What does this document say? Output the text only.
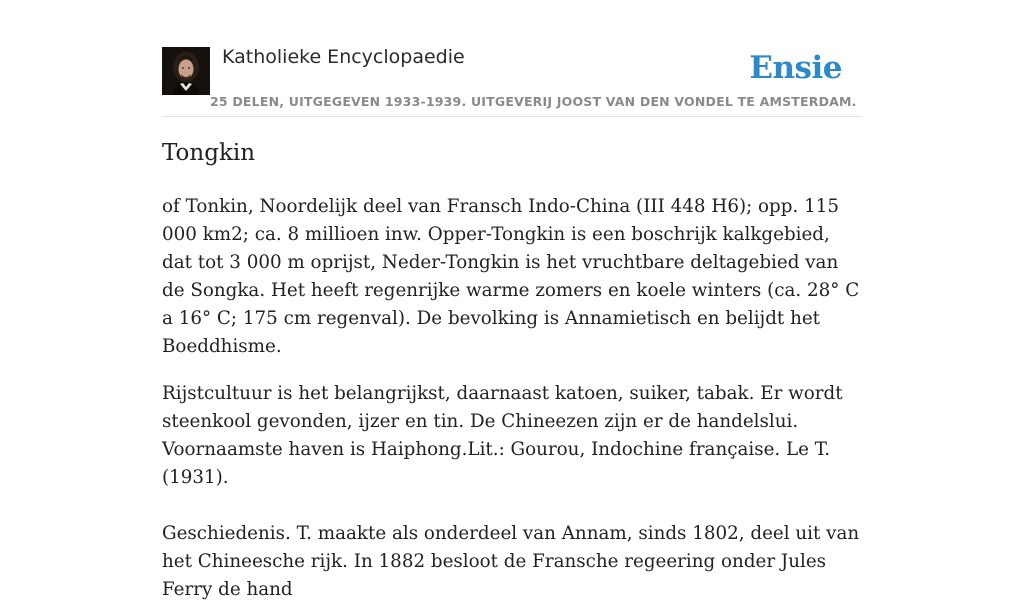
Katholieke Encyclopaedie	Ensie
25 DELEN, UITGEGEVEN 1933-1939. UITGEVERIJ JOOST VAN DEN VONDEL TE AMSTERDAM.
Tongkin

of Tonkin, Noordelijk deel van Fransch Indo-China (III 448 H6); opp. 115 000 km2; ca. 8 millioen inw. Opper-Tongkin is een boschrijk kalkgebied, dat tot 3 000 m oprijst, Neder-Tongkin is het vruchtbare deltagebied van de Songka. Het heeft regenrijke warme zomers en koele winters (ca. 28° C a 16° C; 175 cm regenval). De bevolking is Annamietisch en belijdt het Boeddhisme.

Rijstcultuur is het belangrijkst, daarnaast katoen, suiker, tabak. Er wordt steenkool gevonden, ijzer en tin. De Chineezen zijn er de handelslui. Voornaamste haven is Haiphong.Lit.: Gourou, Indochine française. Le T. (1931).

Geschiedenis. T. maakte als onderdeel van Annam, sinds 1802, deel uit van het Chineesche rijk. In 1882 besloot de Fransche regeering onder Jules Ferry de hand
